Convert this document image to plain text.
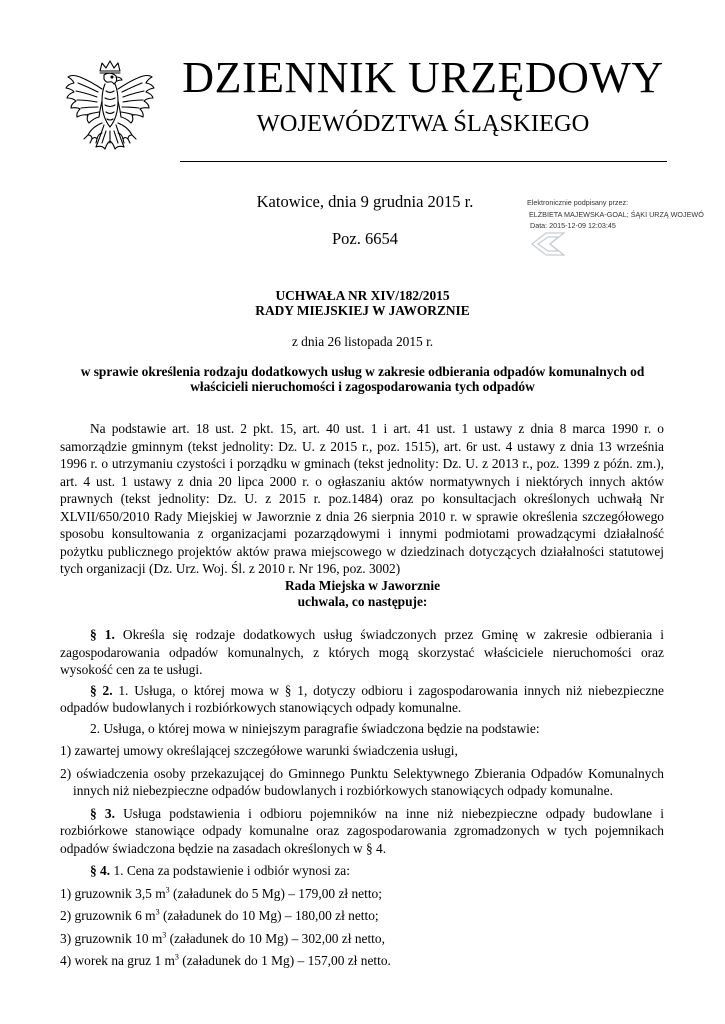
DZIENNIK URZĘDOWY
WOJEWÓDZTWA ŚLĄSKIEGO
Katowice, dnia 9 grudnia 2015 r.
Poz. 6654
Elektronicznie podpisany przez:
ELŻBIETA MAJEWSKA-GOAL; ŚĄKI URZĄ WOJEWÓ
Data: 2015-12-09 12:03:45
UCHWAŁA NR XIV/182/2015
RADY MIEJSKIEJ W JAWORZNIE
z dnia 26 listopada 2015 r.
w sprawie określenia rodzaju dodatkowych usług w zakresie odbierania odpadów komunalnych od
właścicieli nieruchomości i zagospodarowania tych odpadów

Na podstawie art. 18 ust. 2 pkt. 15, art. 40 ust. 1 i art. 41 ust. 1 ustawy z dnia 8 marca 1990 r. o samorządzie gminnym (tekst jednolity: Dz. U. z 2015 r., poz. 1515), art. 6r ust. 4 ustawy z dnia 13 września 1996 r. o utrzymaniu czystości i porządku w gminach (tekst jednolity: Dz. U. z 2013 r., poz. 1399 z późn. zm.), art. 4 ust. 1 ustawy z dnia 20 lipca 2000 r. o ogłaszaniu aktów normatywnych i niektórych innych aktów prawnych (tekst jednolity: Dz. U. z 2015 r. poz.1484) oraz po konsultacjach określonych uchwałą Nr XLVII/650/2010 Rady Miejskiej w Jaworznie z dnia 26 sierpnia 2010 r. w sprawie określenia szczegółowego sposobu konsultowania z organizacjami pozarządowymi i innymi podmiotami prowadzącymi działalność pożytku publicznego projektów aktów prawa miejscowego w dziedzinach dotyczących działalności statutowej tych organizacji (Dz. Urz. Woj. Śl. z 2010 r. Nr 196, poz. 3002)

Rada Miejska w Jaworznie
uchwala, co następuje:

§ 1. Określa się rodzaje dodatkowych usług świadczonych przez Gminę w zakresie odbierania i zagospodarowania odpadów komunalnych, z których mogą skorzystać właściciele nieruchomości oraz wysokość cen za te usługi.

§ 2. 1. Usługa, o której mowa w § 1, dotyczy odbioru i zagospodarowania innych niż niebezpieczne odpadów budowlanych i rozbiórkowych stanowiących odpady komunalne.

2. Usługa, o której mowa w niniejszym paragrafie świadczona będzie na podstawie:

1) zawartej umowy określającej szczegółowe warunki świadczenia usługi,

2) oświadczenia osoby przekazującej do Gminnego Punktu Selektywnego Zbierania Odpadów Komunalnych innych niż niebezpieczne odpadów budowlanych i rozbiórkowych stanowiących odpady komunalne.

§ 3. Usługa podstawienia i odbioru pojemników na inne niż niebezpieczne odpady budowlane i rozbiórkowe stanowiące odpady komunalne oraz zagospodarowania zgromadzonych w tych pojemnikach odpadów świadczona będzie na zasadach określonych w § 4.

§ 4. 1. Cena za podstawienie i odbiór wynosi za:

1) gruzownik 3,5 $m^3$ (załadunek do 5 Mg) – 179,00 zł netto;

2) gruzownik 6 $m^3$ (załadunek do 10 Mg) – 180,00 zł netto;

3) gruzownik 10 $m^3$ (załadunek do 10 Mg) – 302,00 zł netto,

4) worek na gruz 1 $m^3$ (załadunek do 1 Mg) – 157,00 zł netto.
